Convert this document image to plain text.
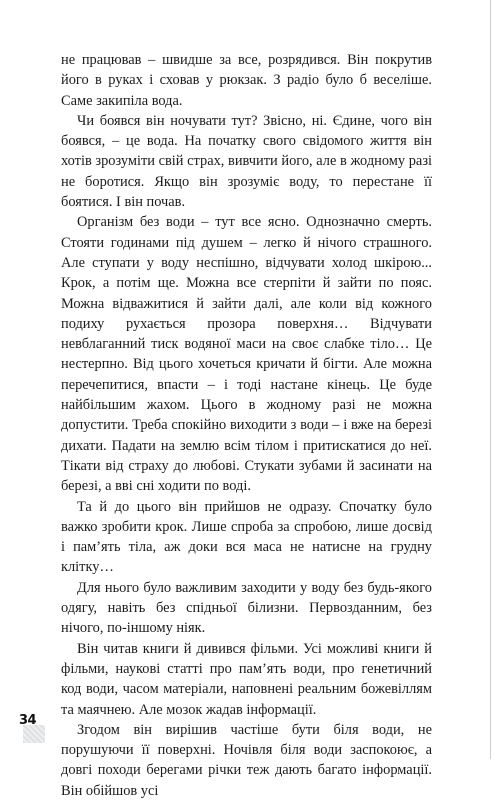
не працював – швидше за все, розрядився. Він покрутив його в руках і сховав у рюкзак. З радіо було б веселіше. Саме закипіла вода.

Чи боявся він ночувати тут? Звісно, ні. Єдине, чого він боявся, – це вода. На початку свого свідомого життя він хотів зрозуміти свій страх, вивчити його, але в жодному разі не боротися. Якщо він зрозуміє воду, то перестане її боятися. І він почав.

Організм без води – тут все ясно. Однозначно смерть. Стояти годинами під душем – легко й нічого страшного. Але ступати у воду неспішно, відчувати холод шкірою... Крок, а потім ще. Можна все стерпіти й зайти по пояс. Можна відважитися й зайти далі, але коли від кожного подиху рухається прозора поверхня… Відчувати невблаганний тиск водяної маси на своє слабке тіло… Це нестерпно. Від цього хочеться кричати й бігти. Але можна перечепитися, впасти – і тоді настане кінець. Це буде найбільшим жахом. Цього в жодному разі не можна допустити. Треба спокійно виходити з води – і вже на березі дихати. Падати на землю всім тілом і притискатися до неї. Тікати від страху до любові. Стукати зубами й засинати на березі, а вві сні ходити по воді.

Та й до цього він прийшов не одразу. Спочатку було важко зробити крок. Лише спроба за спробою, лише досвід і пам’ять тіла, аж доки вся маса не натисне на грудну клітку…

Для нього було важливим заходити у воду без будь-якого одягу, навіть без спідньої білизни. Первозданним, без нічого, по-іншому ніяк.

Він читав книги й дивився фільми. Усі можливі книги й фільми, наукові статті про пам’ять води, про генетичний код води, часом матеріали, наповнені реальним божевіллям та маячнею. Але мозок жадав інформації.

Згодом він вирішив частіше бути біля води, не порушуючи її поверхні. Ночівля біля води заспокоює, а довгі походи берегами річки теж дають багато інформації. Він обійшов усі

34
